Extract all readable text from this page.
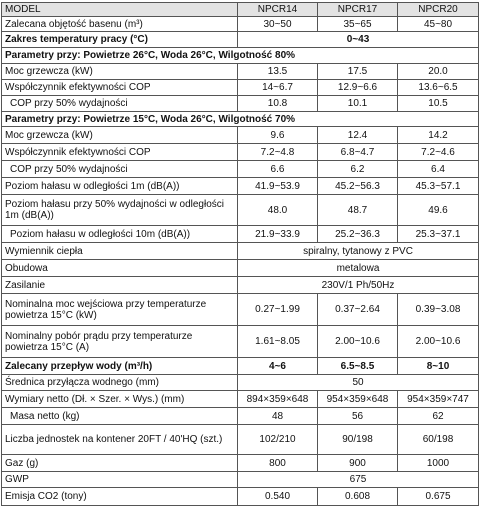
MODEL	NPCR14	NPCR17	NPCR20
Zalecana objętość basenu (m³)	30~50	35~65	45~80
Zakres temperatury pracy (°C)	0~43		
Parametry przy: Powietrze 26°C, Woda 26°C, Wilgotność 80%			
Moc grzewcza (kW)	13.5	17.5	20.0
Współczynnik efektywności COP	14~6.7	12.9~6.6	13.6~6.5
COP przy 50% wydajności	10.8	10.1	10.5
Parametry przy: Powietrze 15°C, Woda 26°C, Wilgotność 70%			
Moc grzewcza (kW)	9.6	12.4	14.2
Współczynnik efektywności COP	7.2~4.8	6.8~4.7	7.2~4.6
COP przy 50% wydajności	6.6	6.2	6.4
Poziom hałasu w odległości 1m (dB(A))	41.9~53.9	45.2~56.3	45.3~57.1
Poziom hałasu przy 50% wydajności w odległości 1m (dB(A))	48.0	48.7	49.6
Poziom hałasu w odległości 10m (dB(A))	21.9~33.9	25.2~36.3	25.3~37.1
Wymiennik ciepła	spiralny, tytanowy z PVC		
Obudowa	metalowa		
Zasilanie	230V/1 Ph/50Hz		
Nominalna moc wejściowa przy temperaturze powietrza 15°C (kW)	0.27~1.99	0.37~2.64	0.39~3.08
Nominalny pobór prądu przy temperaturze powietrza 15°C (A)	1.61~8.05	2.00~10.6	2.00~10.6
Zalecany przepływ wody (m³/h)	4~6	6.5~8.5	8~10
Średnica przyłącza wodnego (mm)	50		
Wymiary netto (Dł. × Szer. × Wys.) (mm)	894×359×648	954×359×648	954×359×747
Masa netto (kg)	48	56	62
Liczba jednostek na kontener 20FT / 40'HQ (szt.)	102/210	90/198	60/198
Gaz (g)	800	900	1000
GWP	675		
Emisja CO2 (tony)	0.540	0.608	0.675
